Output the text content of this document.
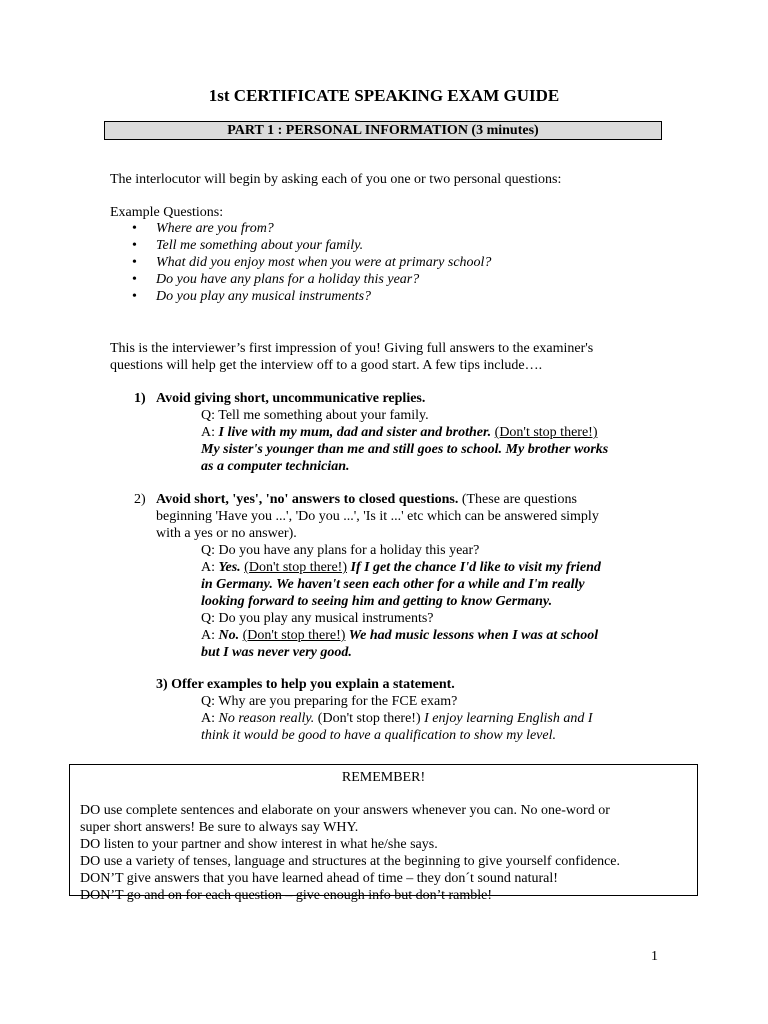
1st CERTIFICATE SPEAKING EXAM GUIDE
PART 1 : PERSONAL INFORMATION (3 minutes)
The interlocutor will begin by asking each of you one or two personal questions:
Example Questions:
• Where are you from?
• Tell me something about your family.
• What did you enjoy most when you were at primary school?
• Do you have any plans for a holiday this year?
• Do you play any musical instruments?
This is the interviewer’s first impression of you! Giving full answers to the examiner's
questions will help get the interview off to a good start. A few tips include….
1) Avoid giving short, uncommunicative replies.
Q: Tell me something about your family.
A: I live with my mum, dad and sister and brother. (Don't stop there!)
My sister's younger than me and still goes to school. My brother works
as a computer technician.
2) Avoid short, 'yes', 'no' answers to closed questions. (These are questions
beginning 'Have you ...', 'Do you ...', 'Is it ...' etc which can be answered simply
with a yes or no answer).
Q: Do you have any plans for a holiday this year?
A: Yes. (Don't stop there!) If I get the chance I'd like to visit my friend
in Germany. We haven't seen each other for a while and I'm really
looking forward to seeing him and getting to know Germany.
Q: Do you play any musical instruments?
A: No. (Don't stop there!) We had music lessons when I was at school
but I was never very good.
3) Offer examples to help you explain a statement.
Q: Why are you preparing for the FCE exam?
A: No reason really. (Don't stop there!) I enjoy learning English and I
think it would be good to have a qualification to show my level.
REMEMBER!
DO use complete sentences and elaborate on your answers whenever you can. No one-word or
super short answers! Be sure to always say WHY.
DO listen to your partner and show interest in what he/she says.
DO use a variety of tenses, language and structures at the beginning to give yourself confidence.
DON’T give answers that you have learned ahead of time – they don´t sound natural!
DON’T go and on for each question – give enough info but don’t ramble!
1
